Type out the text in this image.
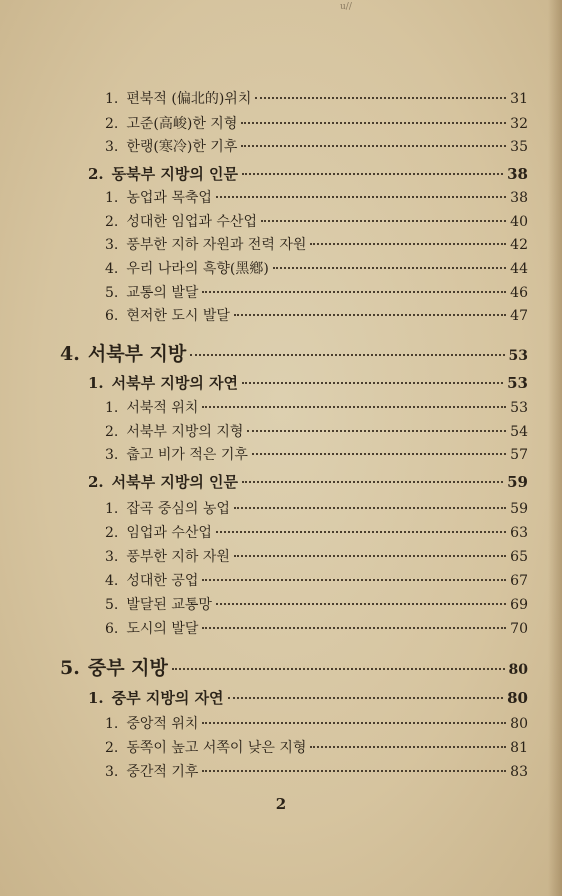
u//
1. 편북적 (偏北的)위치	31
2. 고준(高峻)한 지형	32
3. 한랭(寒冷)한 기후	35
2. 동북부 지방의 인문	38
1. 농업과 목축업	38
2. 성대한 임업과 수산업	40
3. 풍부한 지하 자원과 전력 자원	42
4. 우리 나라의 흑향(黑鄕)	44
5. 교통의 발달	46
6. 현저한 도시 발달	47
4. 서북부 지방	53
1. 서북부 지방의 자연	53
1. 서북적 위치	53
2. 서북부 지방의 지형	54
3. 춥고 비가 적은 기후	57
2. 서북부 지방의 인문	59
1. 잡곡 중심의 농업	59
2. 임업과 수산업	63
3. 풍부한 지하 자원	65
4. 성대한 공업	67
5. 발달된 교통망	69
6. 도시의 발달	70
5. 중부 지방	80
1. 중부 지방의 자연	80
1. 중앙적 위치	80
2. 동쪽이 높고 서쪽이 낮은 지형	81
3. 중간적 기후	83
2
